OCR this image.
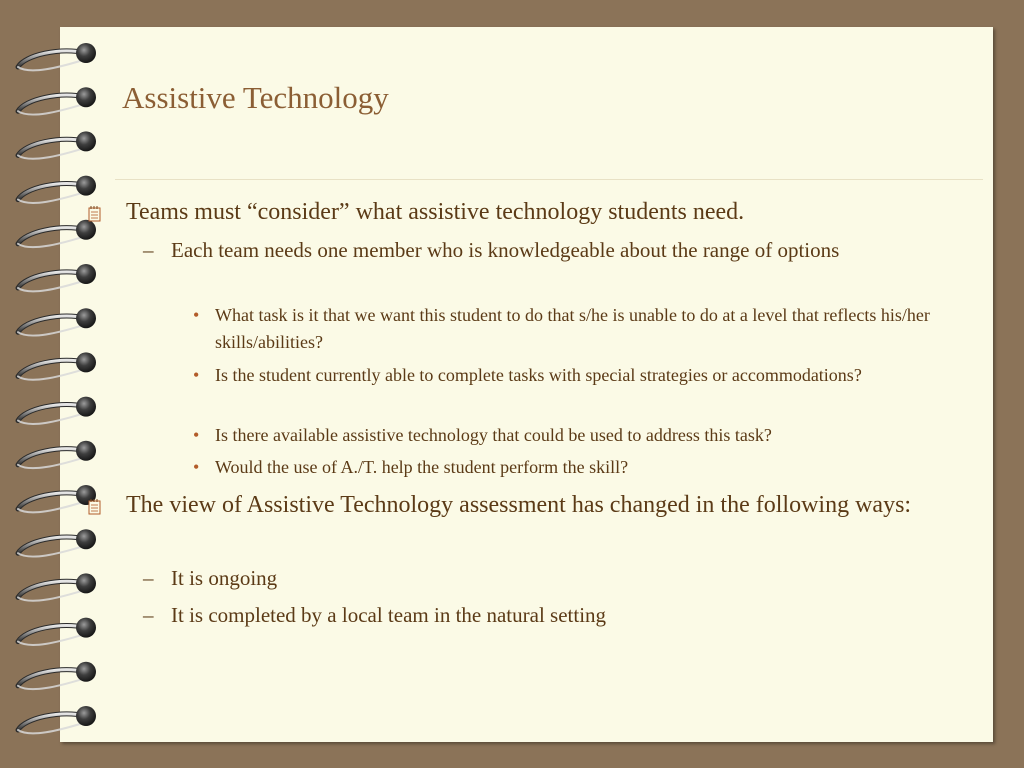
Assistive Technology
Teams must “consider” what assistive technology students need.
– Each team needs one member who is knowledgeable about the range of options
• What task is it that we want this student to do that s/he is unable to do at a level that reflects his/her skills/abilities?
• Is the student currently able to complete tasks with special strategies or accommodations?
• Is there available assistive technology that could be used to address this task?
• Would the use of A./T. help the student perform the skill?
The view of Assistive Technology assessment has changed in the following ways:
– It is ongoing
– It is completed by a local team in the natural setting
